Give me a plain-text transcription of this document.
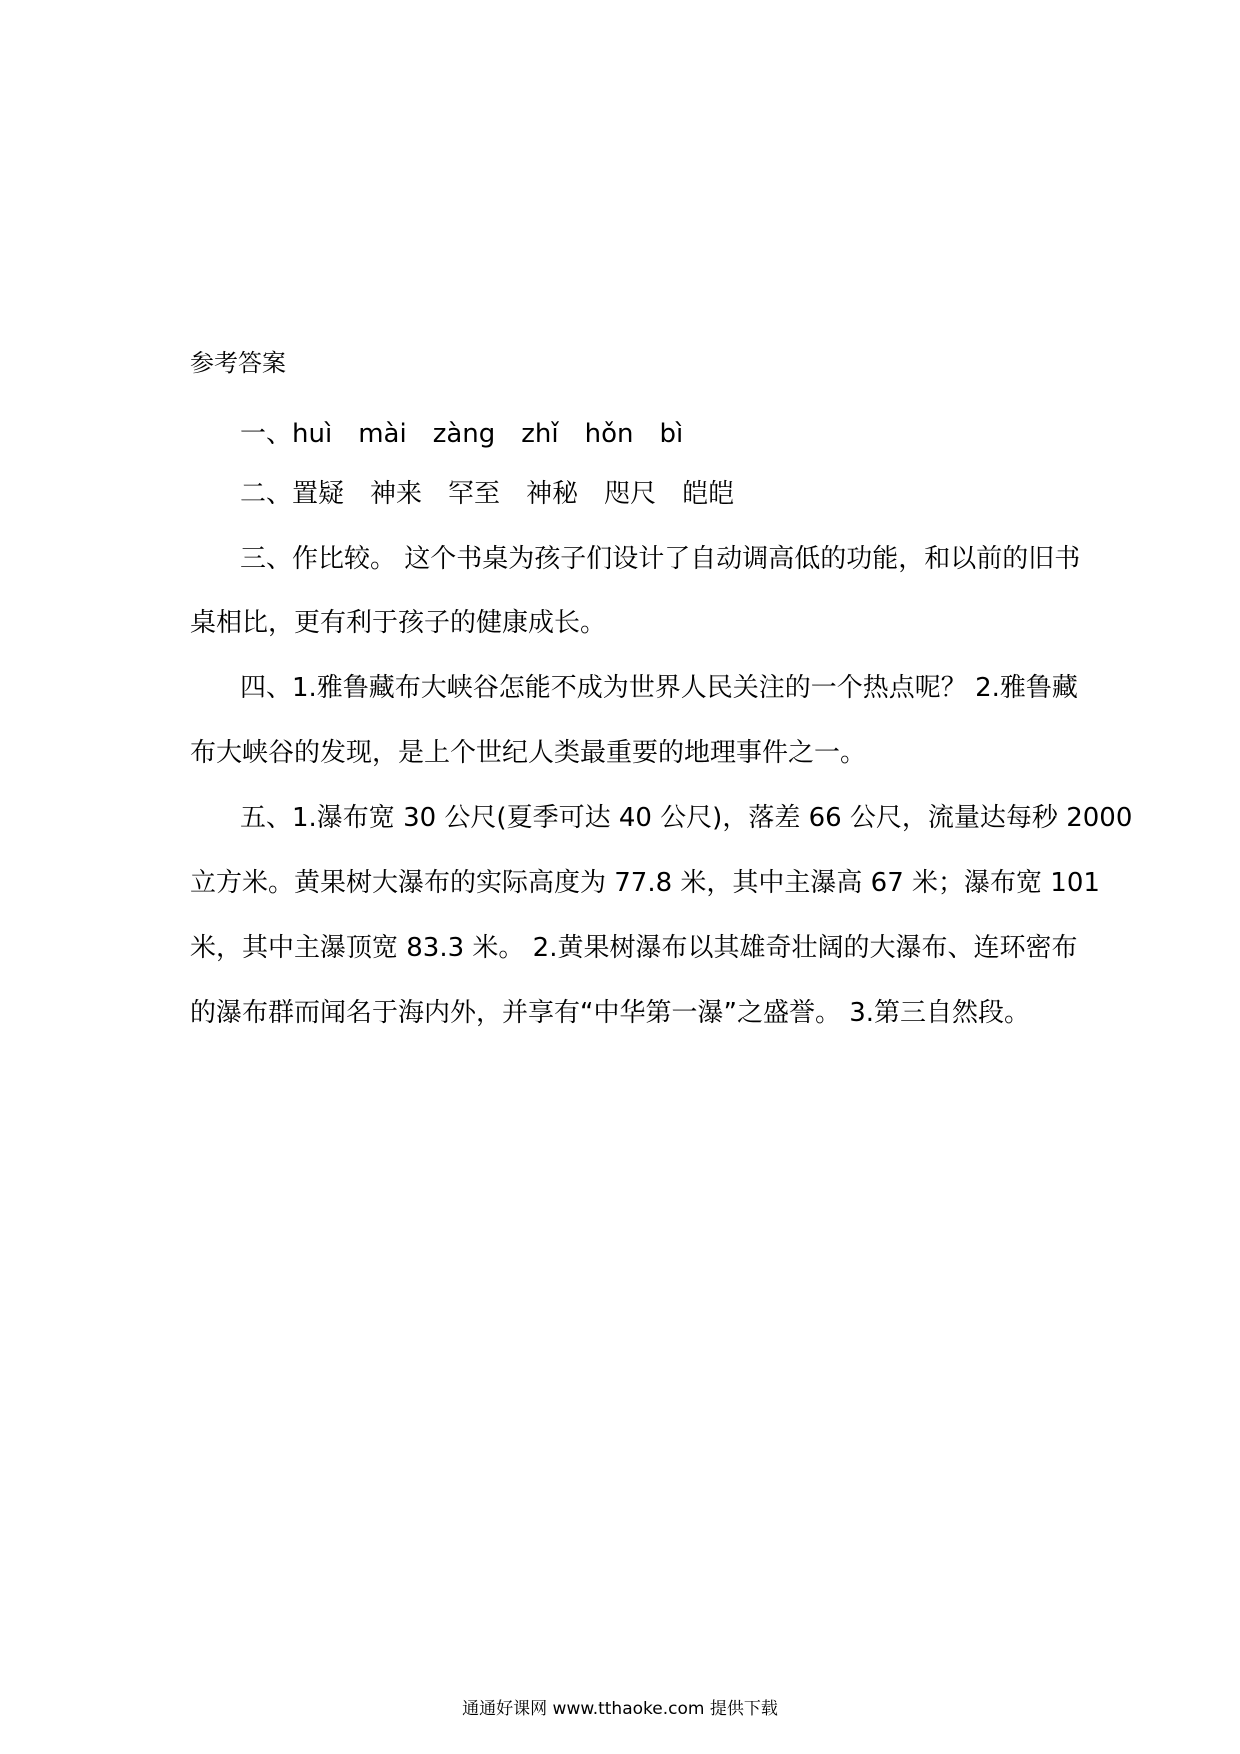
参考答案
一、huì mài zàng zhǐ hǒn bì
二、置疑 神来 罕至 神秘 咫尺 皑皑
三、作比较。 这个书桌为孩子们设计了自动调高低的功能，和以前的旧书
桌相比，更有利于孩子的健康成长。
四、1.雅鲁藏布大峡谷怎能不成为世界人民关注的一个热点呢？ 2.雅鲁藏
布大峡谷的发现，是上个世纪人类最重要的地理事件之一。
五、1.瀑布宽 30 公尺(夏季可达 40 公尺)，落差 66 公尺，流量达每秒 2000
立方米。黄果树大瀑布的实际高度为 77.8 米，其中主瀑高 67 米；瀑布宽 101
米，其中主瀑顶宽 83.3 米。 2.黄果树瀑布以其雄奇壮阔的大瀑布、连环密布
的瀑布群而闻名于海内外，并享有“中华第一瀑”之盛誉。 3.第三自然段。
通通好课网 www.tthaoke.com 提供下载
